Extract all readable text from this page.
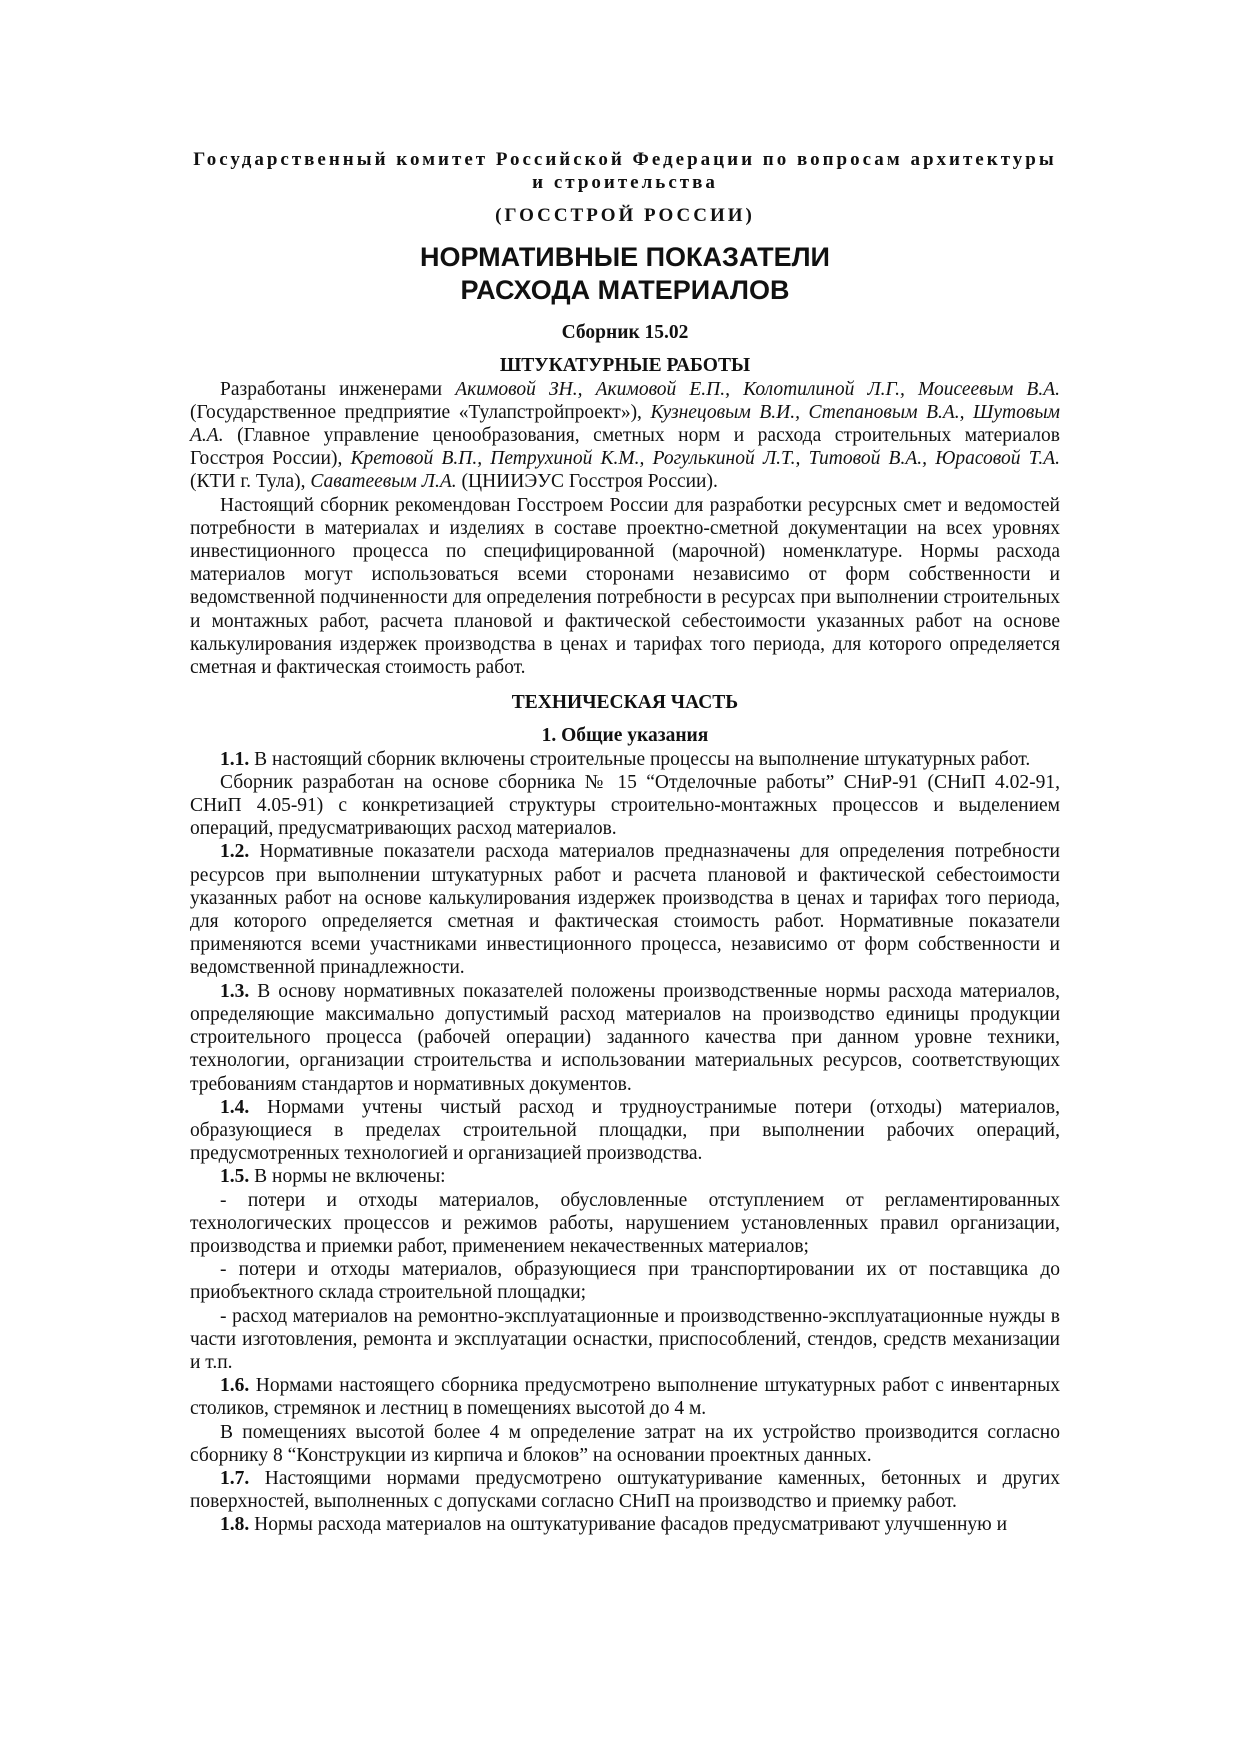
Государственный комитет Российской Федерации по вопросам архитектуры
и строительства

(ГОССТРОЙ РОССИИ)

НОРМАТИВНЫЕ ПОКАЗАТЕЛИ
РАСХОДА МАТЕРИАЛОВ

Сборник 15.02

ШТУКАТУРНЫЕ РАБОТЫ

Разработаны инженерами Акимовой ЗН., Акимовой Е.П., Колотилиной Л.Г., Моисеевым В.А. (Государственное предприятие «Тулапстройпроект»), Кузнецовым В.И., Степановым В.А., Шутовым А.А. (Главное управление ценообразования, сметных норм и расхода строительных материалов Госстроя России), Кретовой В.П., Петрухиной К.М., Рогулькиной Л.Т., Титовой В.А., Юрасовой Т.А. (КТИ г. Тула), Саватеевым Л.А. (ЦНИИЭУС Госстроя России).

Настоящий сборник рекомендован Госстроем России для разработки ресурсных смет и ведомостей потребности в материалах и изделиях в составе проектно-сметной документации на всех уровнях инвестиционного процесса по специфицированной (марочной) номенклатуре. Нормы расхода материалов могут использоваться всеми сторонами независимо от форм собственности и ведомственной подчиненности для определения потребности в ресурсах при выполнении строительных и монтажных работ, расчета плановой и фактической себестоимости указанных работ на основе калькулирования издержек производства в ценах и тарифах того периода, для которого определяется сметная и фактическая стоимость работ.

ТЕХНИЧЕСКАЯ ЧАСТЬ

1. Общие указания

1.1. В настоящий сборник включены строительные процессы на выполнение штукатурных работ.

Сборник разработан на основе сборника № 15 “Отделочные работы” СНиР-91 (СНиП 4.02-91, СНиП 4.05-91) с конкретизацией структуры строительно-монтажных процессов и выделением операций, предусматривающих расход материалов.

1.2. Нормативные показатели расхода материалов предназначены для определения потребности ресурсов при выполнении штукатурных работ и расчета плановой и фактической себестоимости указанных работ на основе калькулирования издержек производства в ценах и тарифах того периода, для которого определяется сметная и фактическая стоимость работ. Нормативные показатели применяются всеми участниками инвестиционного процесса, независимо от форм собственности и ведомственной принадлежности.

1.3. В основу нормативных показателей положены производственные нормы расхода материалов, определяющие максимально допустимый расход материалов на производство единицы продукции строительного процесса (рабочей операции) заданного качества при данном уровне техники, технологии, организации строительства и использовании материальных ресурсов, соответствующих требованиям стандартов и нормативных документов.

1.4. Нормами учтены чистый расход и трудноустранимые потери (отходы) материалов, образующиеся в пределах строительной площадки, при выполнении рабочих операций, предусмотренных технологией и организацией производства.

1.5. В нормы не включены:

- потери и отходы материалов, обусловленные отступлением от регламентированных технологических процессов и режимов работы, нарушением установленных правил организации, производства и приемки работ, применением некачественных материалов;

- потери и отходы материалов, образующиеся при транспортировании их от поставщика до приобъектного склада строительной площадки;

- расход материалов на ремонтно-эксплуатационные и производственно-эксплуатационные нужды в части изготовления, ремонта и эксплуатации оснастки, приспособлений, стендов, средств механизации и т.п.

1.6. Нормами настоящего сборника предусмотрено выполнение штукатурных работ с инвентарных столиков, стремянок и лестниц в помещениях высотой до 4 м.

В помещениях высотой более 4 м определение затрат на их устройство производится согласно сборнику 8 “Конструкции из кирпича и блоков” на основании проектных данных.

1.7. Настоящими нормами предусмотрено оштукатуривание каменных, бетонных и других поверхностей, выполненных с допусками согласно СНиП на производство и приемку работ.

1.8. Нормы расхода материалов на оштукатуривание фасадов предусматривают улучшенную и
